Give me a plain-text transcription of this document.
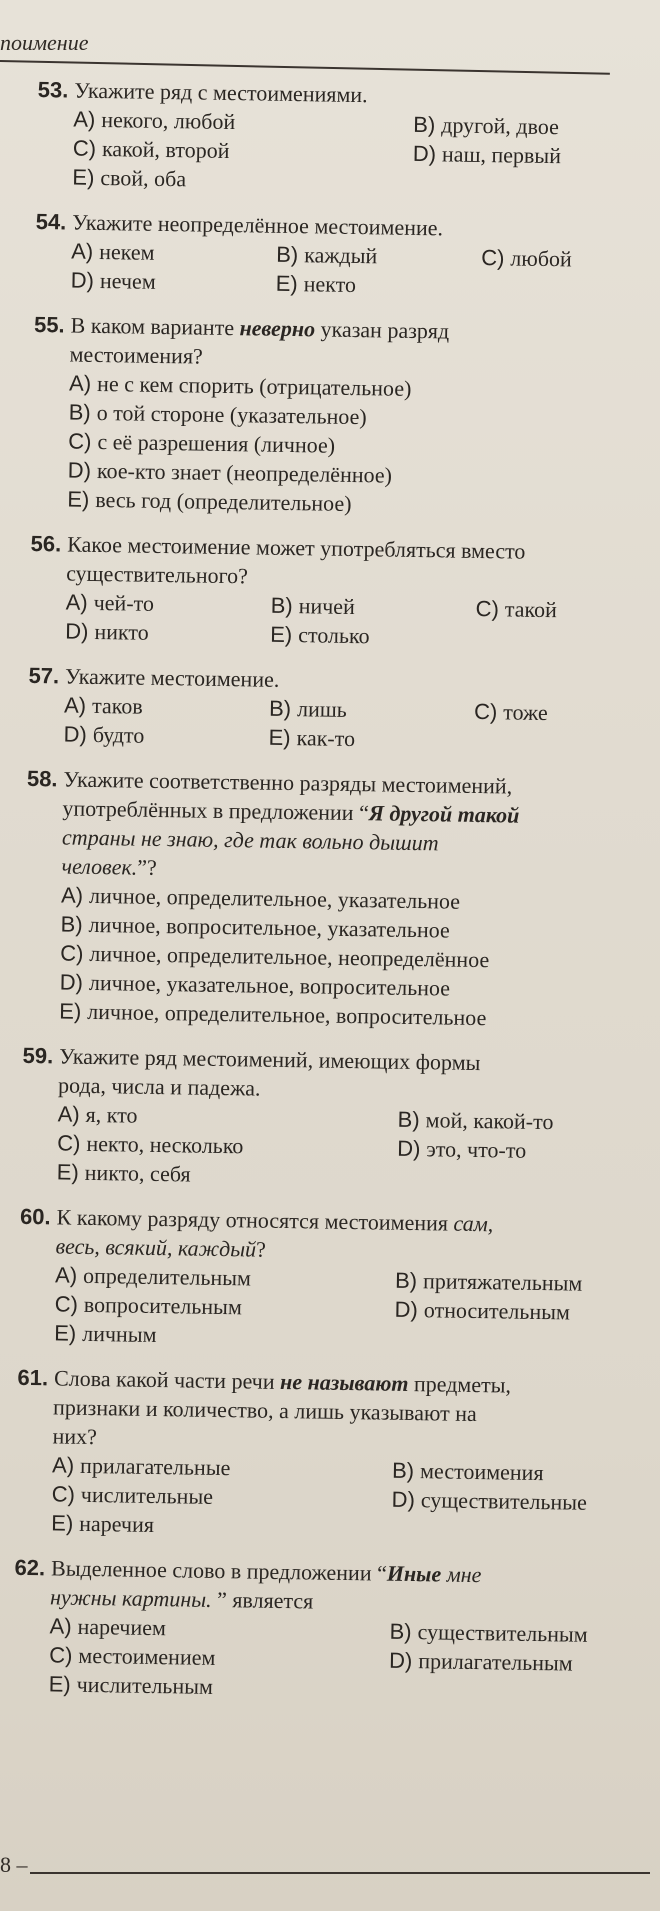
поимение
53. Укажите ряд с местоимениями.
A) некого, любой	B) другой, двое
C) какой, второй	D) наш, первый
E) свой, оба
54. Укажите неопределённое местоимение.
A) некем	B) каждый	C) любой
D) нечем	E) некто
55. В каком варианте неверно указан разряд
местоимения?
A) не с кем спорить (отрицательное)
B) о той стороне (указательное)
C) с её разрешения (личное)
D) кое-кто знает (неопределённое)
E) весь год (определительное)
56. Какое местоимение может употребляться вместо
существительного?
A) чей-то	B) ничей	C) такой
D) никто	E) столько
57. Укажите местоимение.
A) таков	B) лишь	C) тоже
D) будто	E) как-то
58. Укажите соответственно разряды местоимений,
употреблённых в предложении “Я другой такой
страны не знаю, где так вольно дышит
человек.”?
A) личное, определительное, указательное
B) личное, вопросительное, указательное
C) личное, определительное, неопределённое
D) личное, указательное, вопросительное
E) личное, определительное, вопросительное
59. Укажите ряд местоимений, имеющих формы
рода, числа и падежа.
A) я, кто	B) мой, какой-то
C) некто, несколько	D) это, что-то
E) никто, себя
60. К какому разряду относятся местоимения сам,
весь, всякий, каждый?
A) определительным	B) притяжательным
C) вопросительным	D) относительным
E) личным
61. Слова какой части речи не называют предметы,
признаки и количество, а лишь указывают на
них?
A) прилагательные	B) местоимения
C) числительные	D) существительные
E) наречия
62. Выделенное слово в предложении “Иные мне
нужны картины. ” является
A) наречием	B) существительным
C) местоимением	D) прилагательным
E) числительным
8 –
